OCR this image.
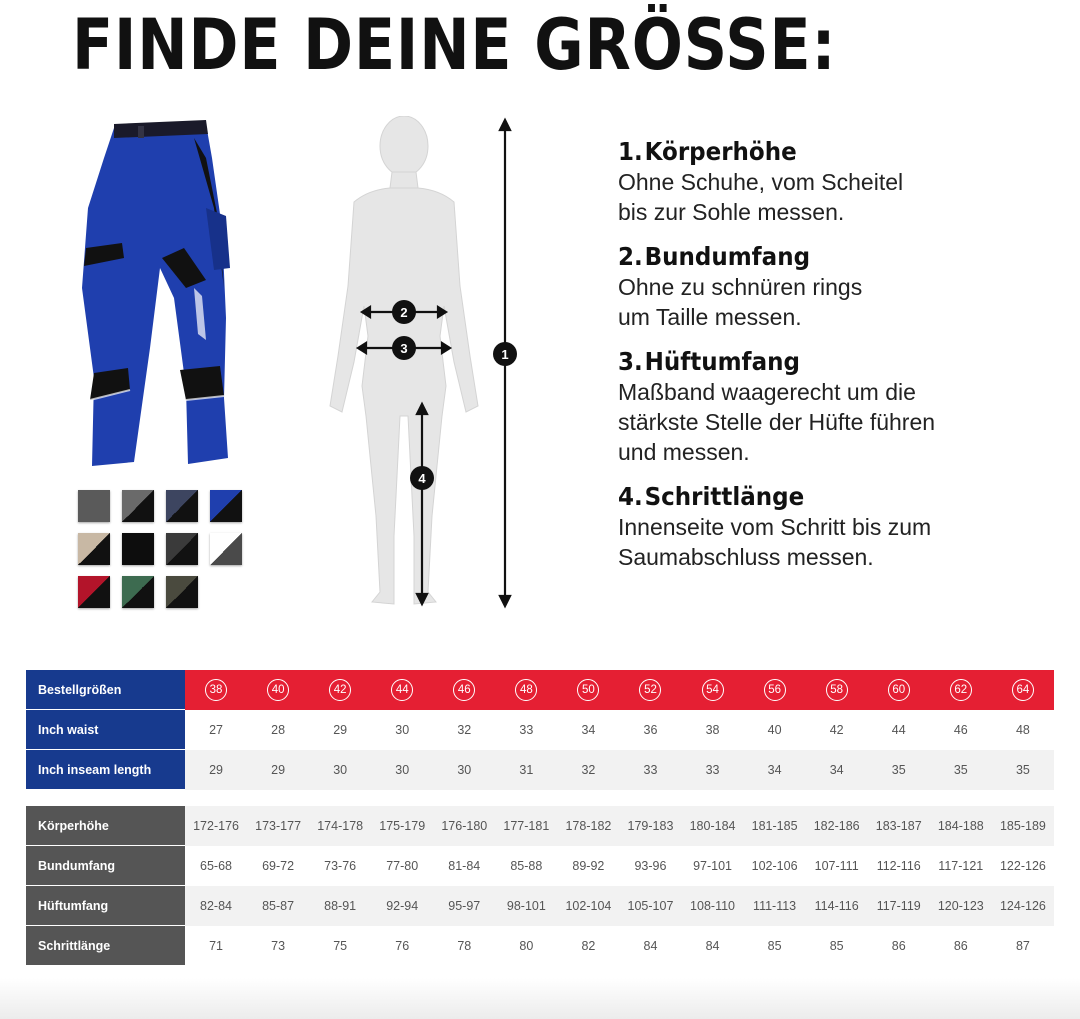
FINDE DEINE GRÖSSE:
2
3	1
4
1.Körperhöhe
Ohne Schuhe, vom Scheitel
bis zur Sohle messen.
2.Bundumfang
Ohne zu schnüren rings
um Taille messen.
3.Hüftumfang
Maßband waagerecht um die
stärkste Stelle der Hüfte führen
und messen.
4.Schrittlänge
Innenseite vom Schritt bis zum
Saumabschluss messen.
Bestellgrößen	38	40	42	44	46	48	50	52	54	56	58	60	62	64
Inch waist	27	28	29	30	32	33	34	36	38	40	42	44	46	48
Inch inseam length	29	29	30	30	30	31	32	33	33	34	34	35	35	35

Körperhöhe	172-176	173-177	174-178	175-179	176-180	177-181	178-182	179-183	180-184	181-185	182-186	183-187	184-188	185-189
Bundumfang	65-68	69-72	73-76	77-80	81-84	85-88	89-92	93-96	97-101	102-106	107-111	112-116	117-121	122-126
Hüftumfang	82-84	85-87	88-91	92-94	95-97	98-101	102-104	105-107	108-110	111-113	114-116	117-119	120-123	124-126
Schrittlänge	71	73	75	76	78	80	82	84	84	85	85	86	86	87
